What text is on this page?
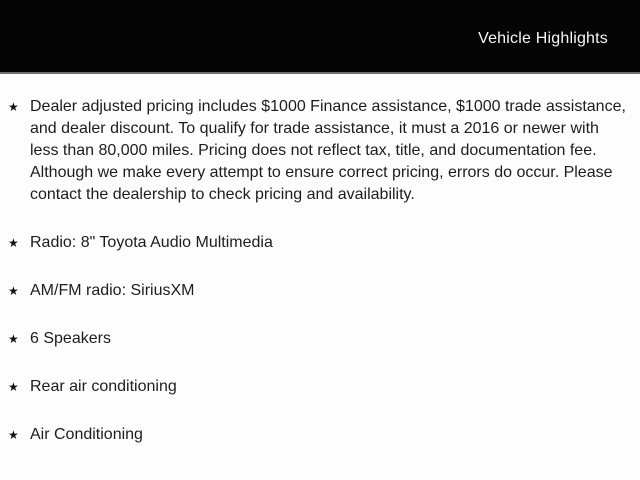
Vehicle Highlights
★ Dealer adjusted pricing includes $1000 Finance assistance, $1000 trade assistance, and dealer discount. To qualify for trade assistance, it must a 2016 or newer with less than 80,000 miles. Pricing does not reflect tax, title, and documentation fee. Although we make every attempt to ensure correct pricing, errors do occur. Please contact the dealership to check pricing and availability.
★ Radio: 8" Toyota Audio Multimedia
★ AM/FM radio: SiriusXM
★ 6 Speakers
★ Rear air conditioning
★ Air Conditioning
